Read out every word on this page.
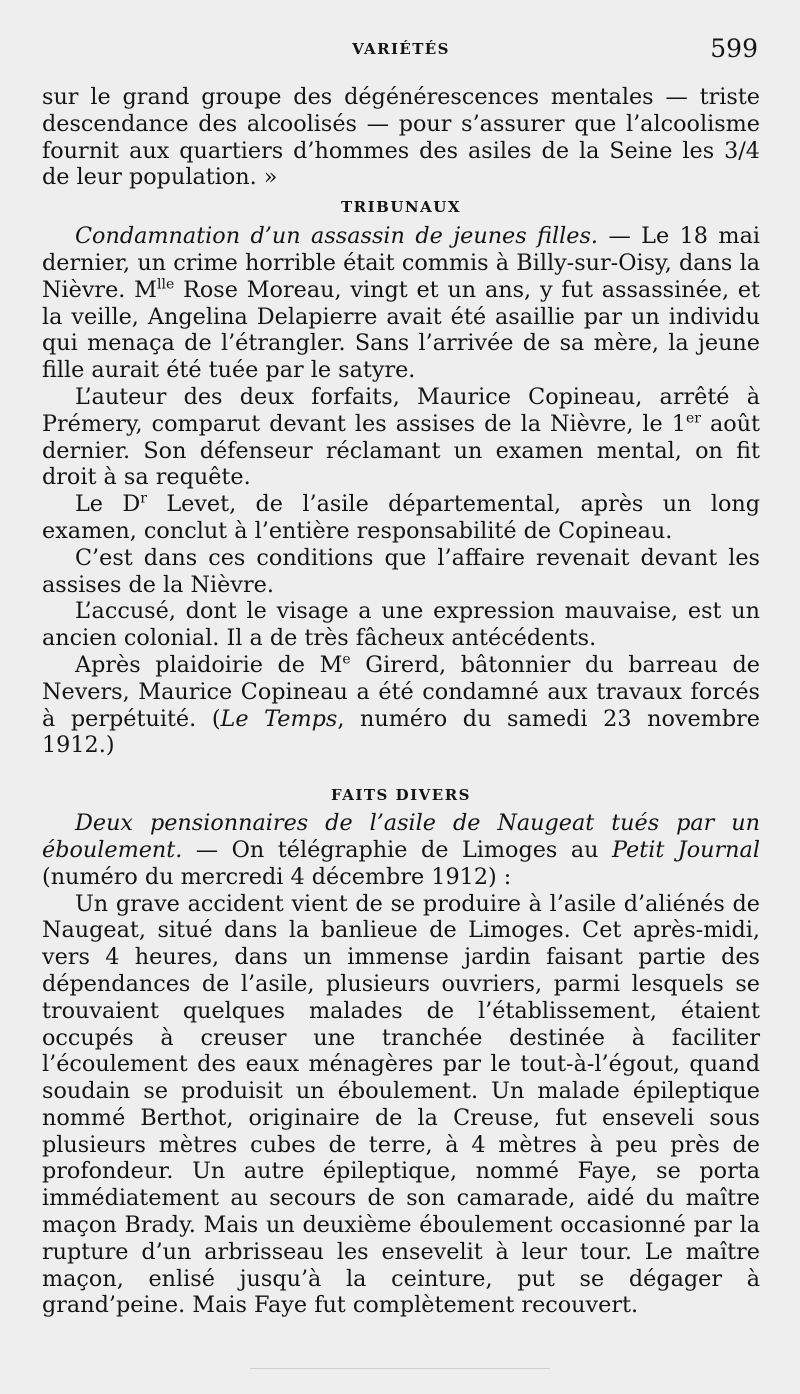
VARIÉTÉS	599

sur le grand groupe des dégénérescences mentales — triste descendance des alcoolisés — pour s’assurer que l’alcoolisme fournit aux quartiers d’hommes des asiles de la Seine les 3/4 de leur population. »

TRIBUNAUX

Condamnation d’un assassin de jeunes filles. — Le 18 mai dernier, un crime horrible était commis à Billy-sur-Oisy, dans la Nièvre. $M^{lle}$ Rose Moreau, vingt et un ans, y fut assassinée, et la veille, Angelina Delapierre avait été asaillie par un individu qui menaça de l’étrangler. Sans l’arrivée de sa mère, la jeune fille aurait été tuée par le satyre.

L’auteur des deux forfaits, Maurice Copineau, arrêté à Prémery, comparut devant les assises de la Nièvre, le 1er août dernier. Son défenseur réclamant un examen mental, on fit droit à sa requête.

Le $D^r$ Levet, de l’asile départemental, après un long examen, conclut à l’entière responsabilité de Copineau.

C’est dans ces conditions que l’affaire revenait devant les assises de la Nièvre.

L’accusé, dont le visage a une expression mauvaise, est un ancien colonial. Il a de très fâcheux antécédents.

Après plaidoirie de Me Girerd, bâtonnier du barreau de Nevers, Maurice Copineau a été condamné aux travaux forcés à perpétuité. (Le Temps, numéro du samedi 23 novembre 1912.)

FAITS DIVERS

Deux pensionnaires de l’asile de Naugeat tués par un éboulement. — On télégraphie de Limoges au Petit Journal (numéro du mercredi 4 décembre 1912) :

Un grave accident vient de se produire à l’asile d’aliénés de Naugeat, situé dans la banlieue de Limoges. Cet après-midi, vers 4 heures, dans un immense jardin faisant partie des dépendances de l’asile, plusieurs ouvriers, parmi lesquels se trouvaient quelques malades de l’établissement, étaient occupés à creuser une tranchée destinée à faciliter l’écoulement des eaux ménagères par le tout-à-l’égout, quand soudain se produisit un éboulement. Un malade épileptique nommé Berthot, originaire de la Creuse, fut enseveli sous plusieurs mètres cubes de terre, à 4 mètres à peu près de profondeur. Un autre épileptique, nommé Faye, se porta immédiatement au secours de son camarade, aidé du maître maçon Brady. Mais un deuxième éboulement occasionné par la rupture d’un arbrisseau les ensevelit à leur tour. Le maître maçon, enlisé jusqu’à la ceinture, put se dégager à grand’peine. Mais Faye fut complètement recouvert.
